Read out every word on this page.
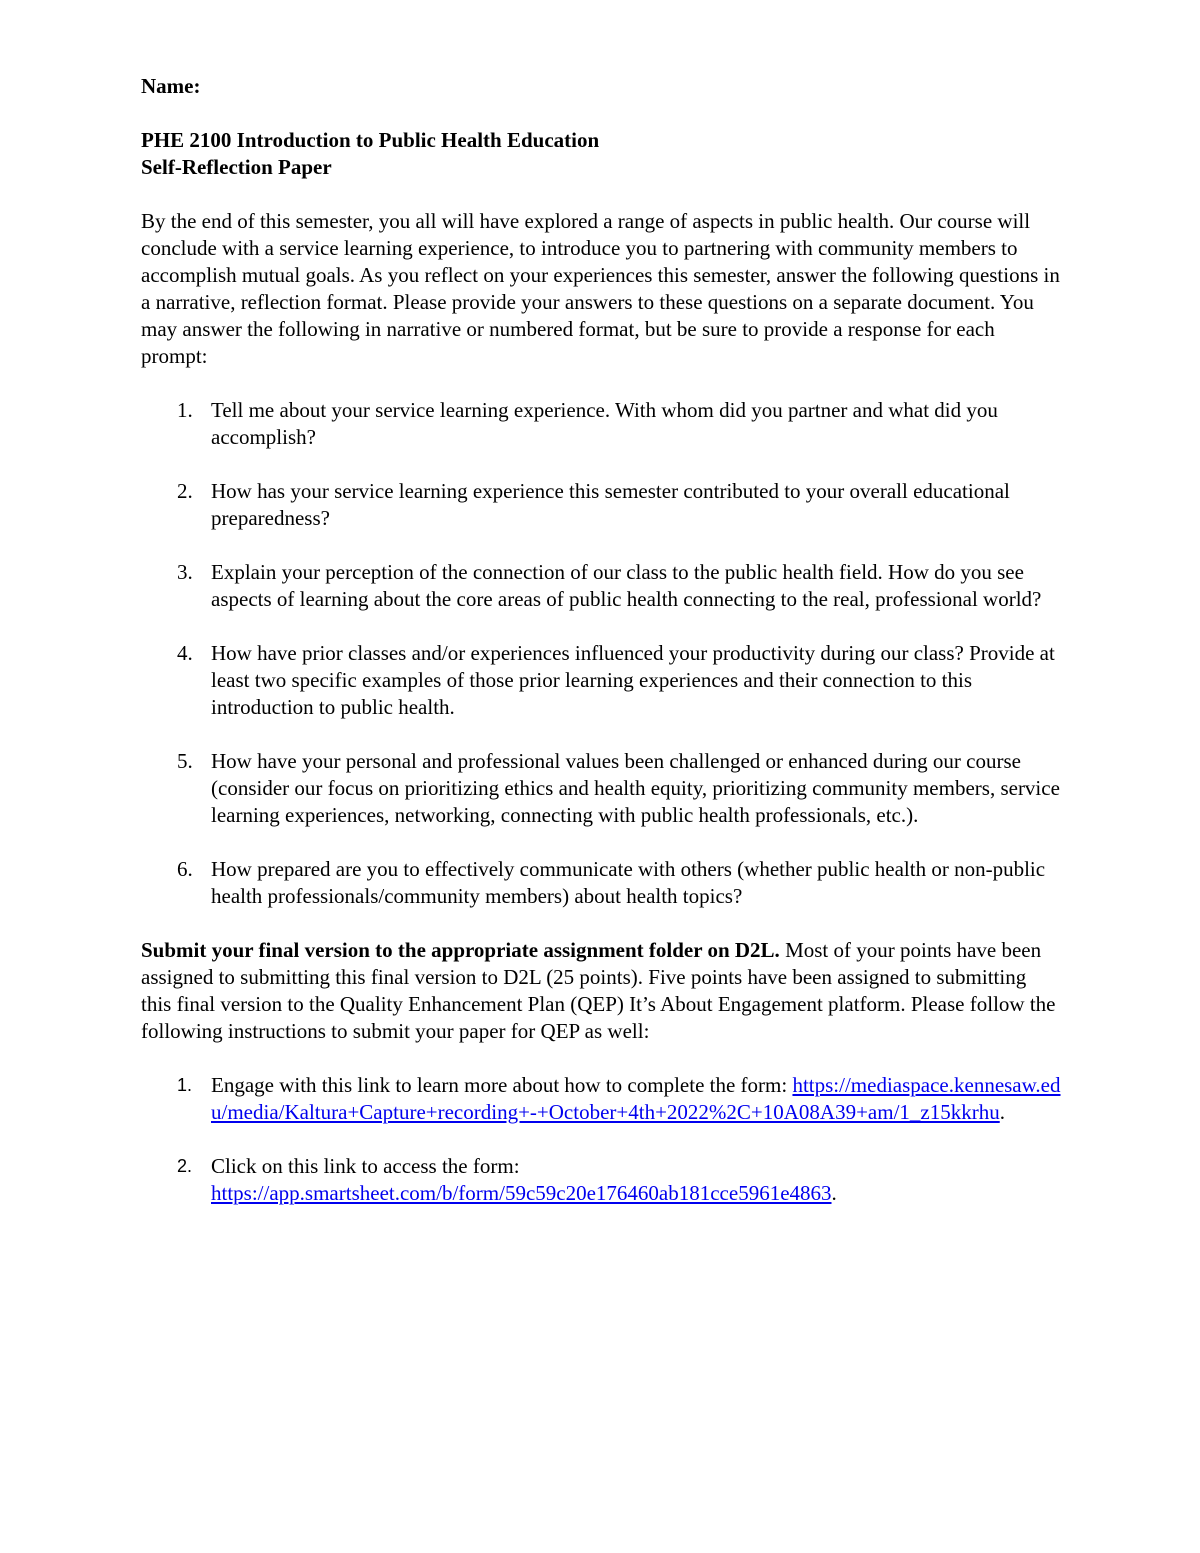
Name:
PHE 2100 Introduction to Public Health Education
Self-Reflection Paper

By the end of this semester, you all will have explored a range of aspects in public health. Our course will conclude with a service learning experience, to introduce you to partnering with community members to accomplish mutual goals. As you reflect on your experiences this semester, answer the following questions in a narrative, reflection format. Please provide your answers to these questions on a separate document. You may answer the following in narrative or numbered format, but be sure to provide a response for each prompt:

1. Tell me about your service learning experience. With whom did you partner and what did you accomplish?
2. How has your service learning experience this semester contributed to your overall educational preparedness?
3. Explain your perception of the connection of our class to the public health field. How do you see aspects of learning about the core areas of public health connecting to the real, professional world?
4. How have prior classes and/or experiences influenced your productivity during our class? Provide at least two specific examples of those prior learning experiences and their connection to this introduction to public health.
5. How have your personal and professional values been challenged or enhanced during our course (consider our focus on prioritizing ethics and health equity, prioritizing community members, service learning experiences, networking, connecting with public health professionals, etc.).
6. How prepared are you to effectively communicate with others (whether public health or non-public health professionals/community members) about health topics?

Submit your final version to the appropriate assignment folder on D2L. Most of your points have been assigned to submitting this final version to D2L (25 points). Five points have been assigned to submitting this final version to the Quality Enhancement Plan (QEP) It’s About Engagement platform. Please follow the following instructions to submit your paper for QEP as well:

1. Engage with this link to learn more about how to complete the form: https://mediaspace.kennesaw.edu/media/Kaltura+Capture+recording+-+October+4th+2022%2C+10A08A39+am/1_z15kkrhu.
2. Click on this link to access the form:
https://app.smartsheet.com/b/form/59c59c20e176460ab181cce5961e4863.
